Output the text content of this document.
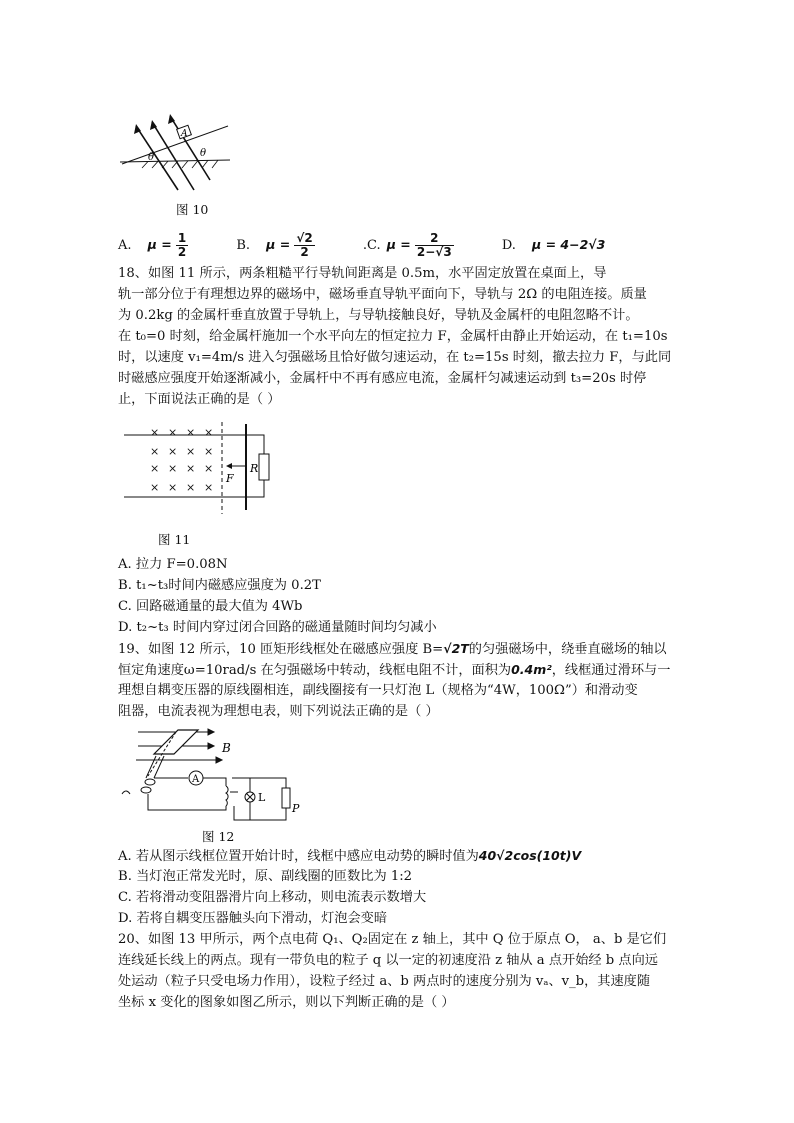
A
θ	θ
图 10
A. $\mu = \frac{1}{2} B$. $\mu = \frac{√2}{2} .C$. $\mu = \frac{2}{2-√3} D$. μ = 4−2√3
18、如图 11 所示，两条粗糙平行导轨间距离是 0.5m，水平固定放置在桌面上，导
轨一部分位于有理想边界的磁场中，磁场垂直导轨平面向下，导轨与 2Ω 的电阻连接。质量
为 0.2kg 的金属杆垂直放置于导轨上，与导轨接触良好，导轨及金属杆的电阻忽略不计。
在 t₀=0 时刻，给金属杆施加一个水平向左的恒定拉力 F，金属杆由静止开始运动，在 t₁=10s
时，以速度 v₁=4m/s 进入匀强磁场且恰好做匀速运动，在 t₂=15s 时刻，撤去拉力 F，与此同
时磁感应强度开始逐渐减小，金属杆中不再有感应电流，金属杆匀减速运动到 t₃=20s 时停
止，下面说法正确的是（ ）
R
F
× × × ×
× × × ×
× × × ×
× × × ×
图 11
A. 拉力 F=0.08N
B. t₁~t₃时间内磁感应强度为 0.2T
C. 回路磁通量的最大值为 4Wb
D. t₂~t₃ 时间内穿过闭合回路的磁通量随时间均匀减小
19、如图 12 所示，10 匝矩形线框处在磁感应强度 B=√2T的匀强磁场中，绕垂直磁场的轴以
恒定角速度ω=10rad/s 在匀强磁场中转动，线框电阻不计，面积为0.4m²，线框通过滑环与一
理想自耦变压器的原线圈相连，副线圈接有一只灯泡 L（规格为“4W，100Ω”）和滑动变
阻器，电流表视为理想电表，则下列说法正确的是（ ）
B
A
L
P
图 12
A. 若从图示线框位置开始计时，线框中感应电动势的瞬时值为40√2cos(10t)V
B. 当灯泡正常发光时，原、副线圈的匝数比为 1:2
C. 若将滑动变阻器滑片向上移动，则电流表示数增大
D. 若将自耦变压器触头向下滑动，灯泡会变暗
20、如图 13 甲所示，两个点电荷 Q₁、Q₂固定在 z 轴上，其中 Q 位于原点 O， a、b 是它们
连线延长线上的两点。现有一带负电的粒子 q 以一定的初速度沿 z 轴从 a 点开始经 b 点向远
处运动（粒子只受电场力作用），设粒子经过 a、b 两点时的速度分别为 vₐ、v_b，其速度随
坐标 x 变化的图象如图乙所示，则以下判断正确的是（ ）
